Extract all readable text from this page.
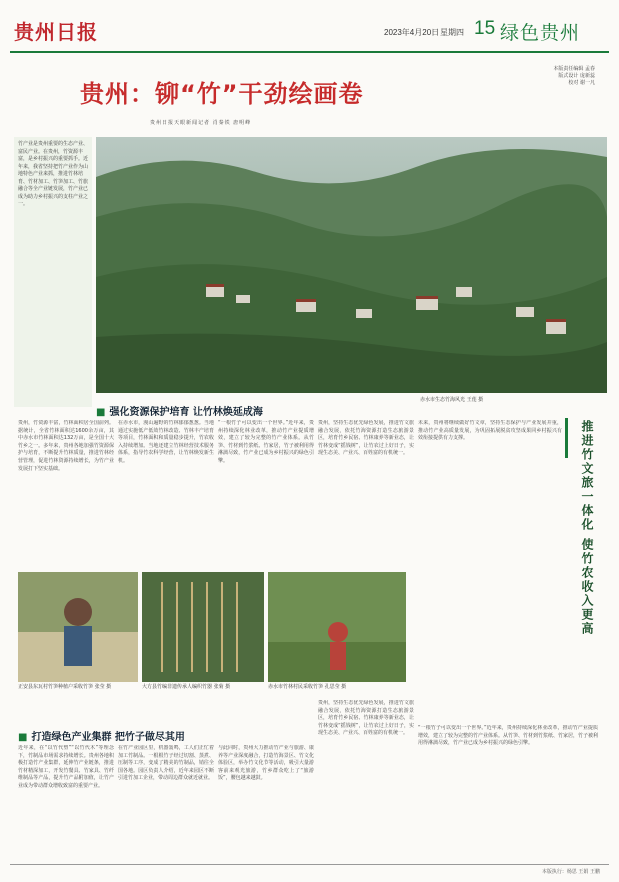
贵州日报	2023年4月20日 星期四 15 绿色贵州
本版责任编辑 孟春
版式设计 庞新蕊
校对 谢一凡
贵州：铆“竹”干劲绘画卷
贵州日报天眼新闻记者 肖秦铁 唐明峰
竹产业是贵州重要的生态产业、富民产业。在贵州，竹资源丰富，是乡村振兴的重要抓手。近年来，我省坚持把竹产业作为山地特色产业来抓，推进竹林培育、竹材加工、竹笋加工、竹旅融合等全产业链发展，竹产业已成为助力乡村振兴的支柱产业之一。
赤水市生态竹海风光 王莲 摄
■ 强化资源保护培育 让竹林焕延成海
贵州，竹资源丰富，竹林面积居全国前列。据统计，全省竹林面积达1600余万亩，其中赤水市竹林面积达132万亩，是全国十大竹乡之一。多年来，贵州各地加强竹资源保护与培育，不断提升竹林质量，推进竹林经营管理，促进竹林资源持续增长，为竹产业发展打下坚实基础。
在赤水市，漫山遍野的竹林郁郁葱葱。当地通过实施低产低效竹林改造、竹林丰产培育等项目，竹林面积和质量稳步提升，竹农收入持续增加。当地还建立竹林经营技术服务体系，指导竹农科学经营，让竹林焕发新生机。
“一根竹子可以变出一个世界。”近年来，贵州持续深化林业改革，推动竹产业提质增效，建立了较为完整的竹产业体系。从竹笋、竹材到竹浆纸、竹家居，竹子被利用得淋漓尽致，竹产业已成为乡村振兴的绿色引擎。
贵州，坚持生态优先绿色发展，推进竹文旅融合发展，依托竹海资源打造生态旅游景区，培育竹乡民宿、竹林康养等新业态，让竹林变成“摇钱树”，让竹农过上好日子，实现生态美、产业兴、百姓富的有机统一。	推进竹文旅一体化 使竹农收入更高
正安县东瓦村竹笋种植户采收竹笋 张莹 摄	大方县竹编非遗传承人编织竹器 张菊 摄	赤水市竹林村民采收竹笋 孔思莹 摄
未来，贵州将继续做好竹文章，坚持生态保护与产业发展并重，推动竹产业高质量发展，为巩固拓展脱贫攻坚成果同乡村振兴有效衔接提供有力支撑。
■ 打造绿色产业集群 把竹子做尽其用
近年来，在“以竹代塑”“以竹代木”等理念下，竹制品市场需求持续增长。贵州各地积极打造竹产业集群，延伸竹产业链条，推进竹材精深加工，开发竹餐具、竹家具、竹纤维制品等产品，提升竹产品附加值，让竹产业成为带动群众增收致富的重要产业。
在竹产业园区里，机器轰鸣，工人们正忙着加工竹制品。一根根竹子经过切割、蒸煮、压制等工序，变成了精美的竹制品，销往全国各地。园区负责人介绍，近年来园区不断引进竹加工企业，带动周边群众就近就业。
与此同时，贵州大力推动竹产业与旅游、康养等产业深度融合，打造竹海景区、竹文化体验区，举办竹文化节等活动，吸引大量游客前来观光旅游，竹乡群众吃上了“旅游饭”，腰包越来越鼓。
贵州，坚持生态优先绿色发展，推进竹文旅融合发展，依托竹海资源打造生态旅游景区，培育竹乡民宿、竹林康养等新业态，让竹林变成“摇钱树”，让竹农过上好日子，实现生态美、产业兴、百姓富的有机统一。
“一根竹子可以变出一个世界。”近年来，贵州持续深化林业改革，推动竹产业提质增效，建立了较为完整的竹产业体系。从竹笋、竹材到竹浆纸、竹家居，竹子被利用得淋漓尽致，竹产业已成为乡村振兴的绿色引擎。
本版执行：杨思 王娟 王鹏
